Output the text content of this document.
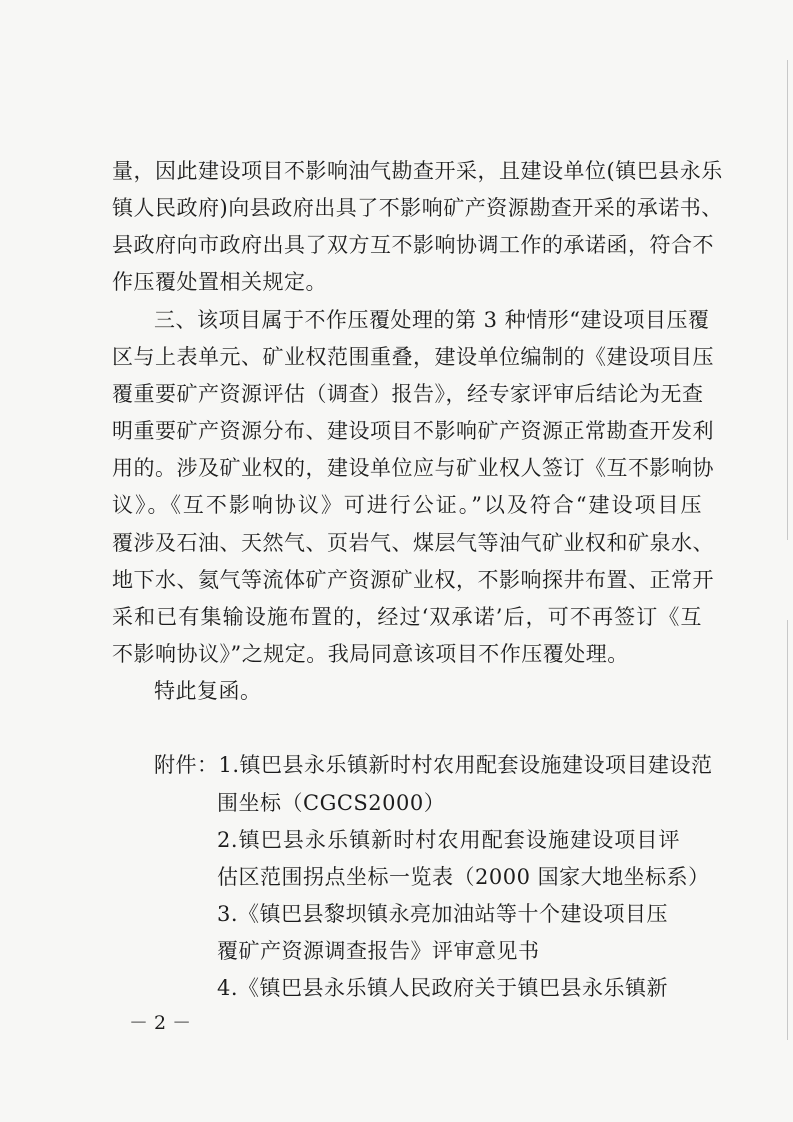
量，因此建设项目不影响油气勘查开采，且建设单位(镇巴县永乐
镇人民政府)向县政府出具了不影响矿产资源勘查开采的承诺书、
县政府向市政府出具了双方互不影响协调工作的承诺函，符合不
作压覆处置相关规定。
三、该项目属于不作压覆处理的第 3 种情形“建设项目压覆
区与上表单元、矿业权范围重叠，建设单位编制的《建设项目压
覆重要矿产资源评估（调查）报告》，经专家评审后结论为无查
明重要矿产资源分布、建设项目不影响矿产资源正常勘查开发利
用的。涉及矿业权的，建设单位应与矿业权人签订《互不影响协
议》。《互不影响协议》可进行公证。”以及符合“建设项目压
覆涉及石油、天然气、页岩气、煤层气等油气矿业权和矿泉水、
地下水、氦气等流体矿产资源矿业权，不影响探井布置、正常开
采和已有集输设施布置的，经过‘双承诺’后，可不再签订《互
不影响协议》”之规定。我局同意该项目不作压覆处理。
特此复函。
附件：1.镇巴县永乐镇新时村农用配套设施建设项目建设范
围坐标（CGCS2000）
2.镇巴县永乐镇新时村农用配套设施建设项目评
估区范围拐点坐标一览表（2000 国家大地坐标系）
3.《镇巴县黎坝镇永亮加油站等十个建设项目压
覆矿产资源调查报告》评审意见书
4.《镇巴县永乐镇人民政府关于镇巴县永乐镇新
－ 2 －
